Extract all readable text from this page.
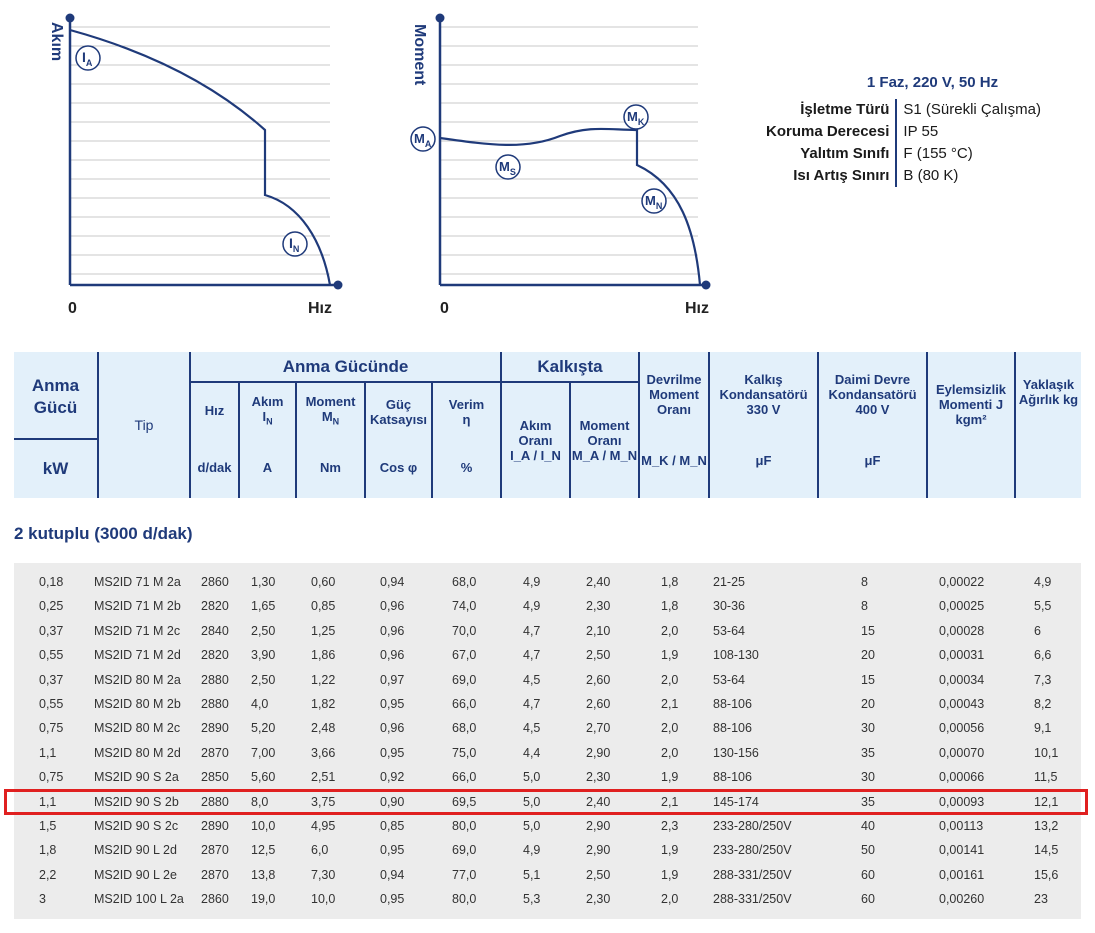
Akım
0	Hız
$I_A$
$I_N$
Moment
0	Hız
$M_A$
$M_S$
$M_K$
$M_N$
1 Faz, 220 V, 50 Hz
İşletme Türü	S1 (Sürekli Çalışma)
Koruma Derecesi	IP 55
Yalıtım Sınıfı	F (155 °C)
Isı Artış Sınırı	B (80 K)
Anma Gücü
kW
Tip
Anma Gücünde	Kalkışta
Hız
d/dak
Akım
$I_N$
A
Moment
$M_N$
Nm
Güç Katsayısı
Cos φ
Verim
η
%
Akım Oranı
I_A / I_N
Moment Oranı
M_A / M_N
Devrilme Moment Oranı
M_K / M_N
Kalkış Kondansatörü 330 V
μF
Daimi Devre Kondansatörü 400 V
μF
Eylemsizlik Momenti J kgm²
Yaklaşık Ağırlık kg
2 kutuplu (3000 d/dak)
0,18	MS2ID 71 M 2a	2860	1,30	0,60	0,94	68,0	4,9	2,40	1,8	21-25	8	0,00022	4,9
0,25	MS2ID 71 M 2b	2820	1,65	0,85	0,96	74,0	4,9	2,30	1,8	30-36	8	0,00025	5,5
0,37	MS2ID 71 M 2c	2840	2,50	1,25	0,96	70,0	4,7	2,10	2,0	53-64	15	0,00028	6
0,55	MS2ID 71 M 2d	2820	3,90	1,86	0,96	67,0	4,7	2,50	1,9	108-130	20	0,00031	6,6
0,37	MS2ID 80 M 2a	2880	2,50	1,22	0,97	69,0	4,5	2,60	2,0	53-64	15	0,00034	7,3
0,55	MS2ID 80 M 2b	2880	4,0	1,82	0,95	66,0	4,7	2,60	2,1	88-106	20	0,00043	8,2
0,75	MS2ID 80 M 2c	2890	5,20	2,48	0,96	68,0	4,5	2,70	2,0	88-106	30	0,00056	9,1
1,1	MS2ID 80 M 2d	2870	7,00	3,66	0,95	75,0	4,4	2,90	2,0	130-156	35	0,00070	10,1
0,75	MS2ID 90 S 2a	2850	5,60	2,51	0,92	66,0	5,0	2,30	1,9	88-106	30	0,00066	11,5
1,1	MS2ID 90 S 2b	2880	8,0	3,75	0,90	69,5	5,0	2,40	2,1	145-174	35	0,00093	12,1
1,5	MS2ID 90 S 2c	2890	10,0	4,95	0,85	80,0	5,0	2,90	2,3	233-280/250V	40	0,00113	13,2
1,8	MS2ID 90 L 2d	2870	12,5	6,0	0,95	69,0	4,9	2,90	1,9	233-280/250V	50	0,00141	14,5
2,2	MS2ID 90 L 2e	2870	13,8	7,30	0,94	77,0	5,1	2,50	1,9	288-331/250V	60	0,00161	15,6
3	MS2ID 100 L 2a	2860	19,0	10,0	0,95	80,0	5,3	2,30	2,0	288-331/250V	60	0,00260	23
